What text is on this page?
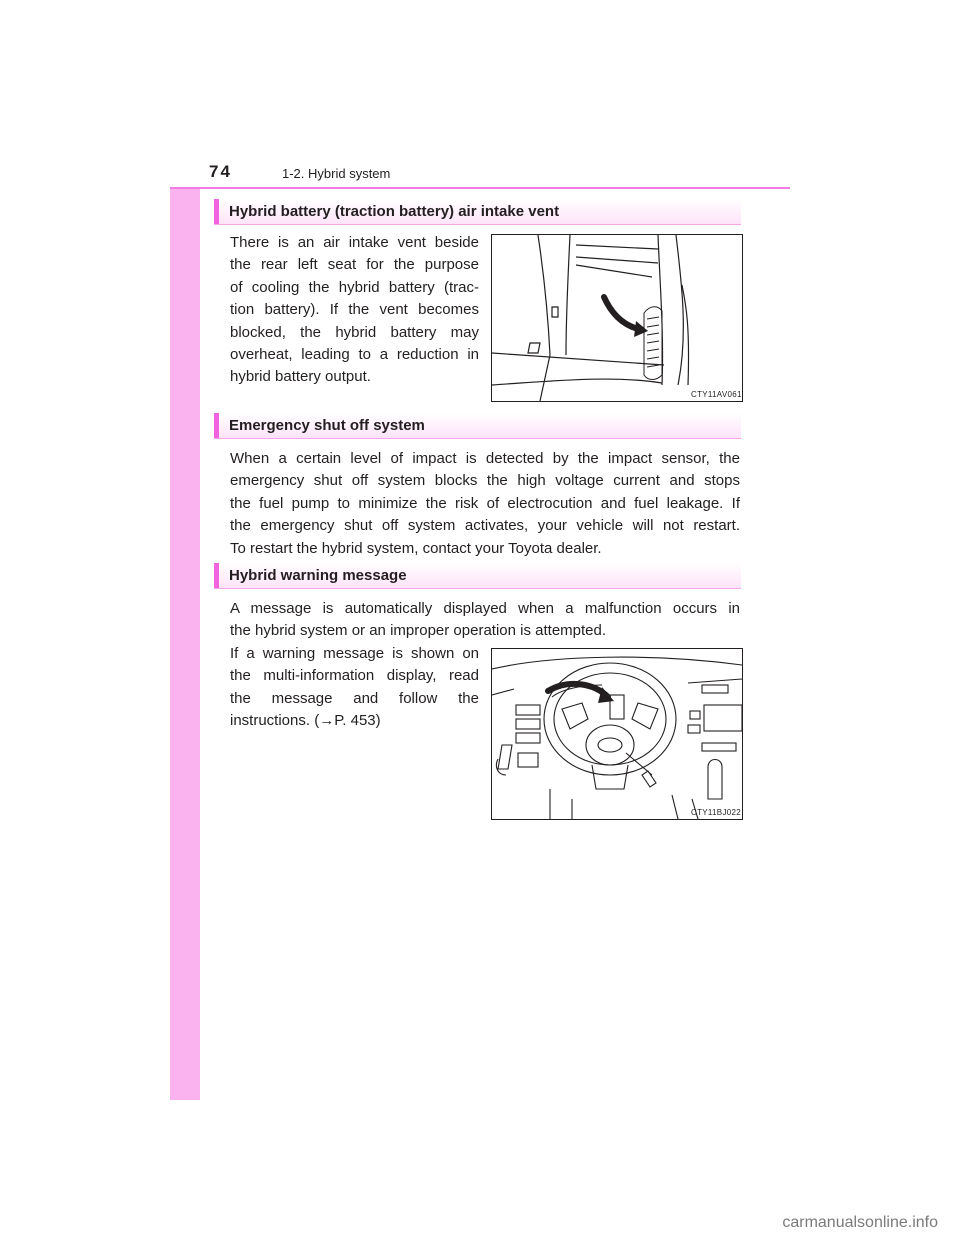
74	1-2. Hybrid system
Hybrid battery (traction battery) air intake vent
There is an air intake vent beside
the rear left seat for the purpose
of cooling the hybrid battery (trac-
tion battery). If the vent becomes
blocked, the hybrid battery may
overheat, leading to a reduction in
hybrid battery output.
CTY11AV061
Emergency shut off system
When a certain level of impact is detected by the impact sensor, the
emergency shut off system blocks the high voltage current and stops
the fuel pump to minimize the risk of electrocution and fuel leakage. If
the emergency shut off system activates, your vehicle will not restart.
To restart the hybrid system, contact your Toyota dealer.
Hybrid warning message
A message is automatically displayed when a malfunction occurs in
the hybrid system or an improper operation is attempted.
If a warning message is shown on
the multi-information display, read
the message and follow the
instructions. (→P. 453)
CTY11BJ022
carmanualsonline.info
